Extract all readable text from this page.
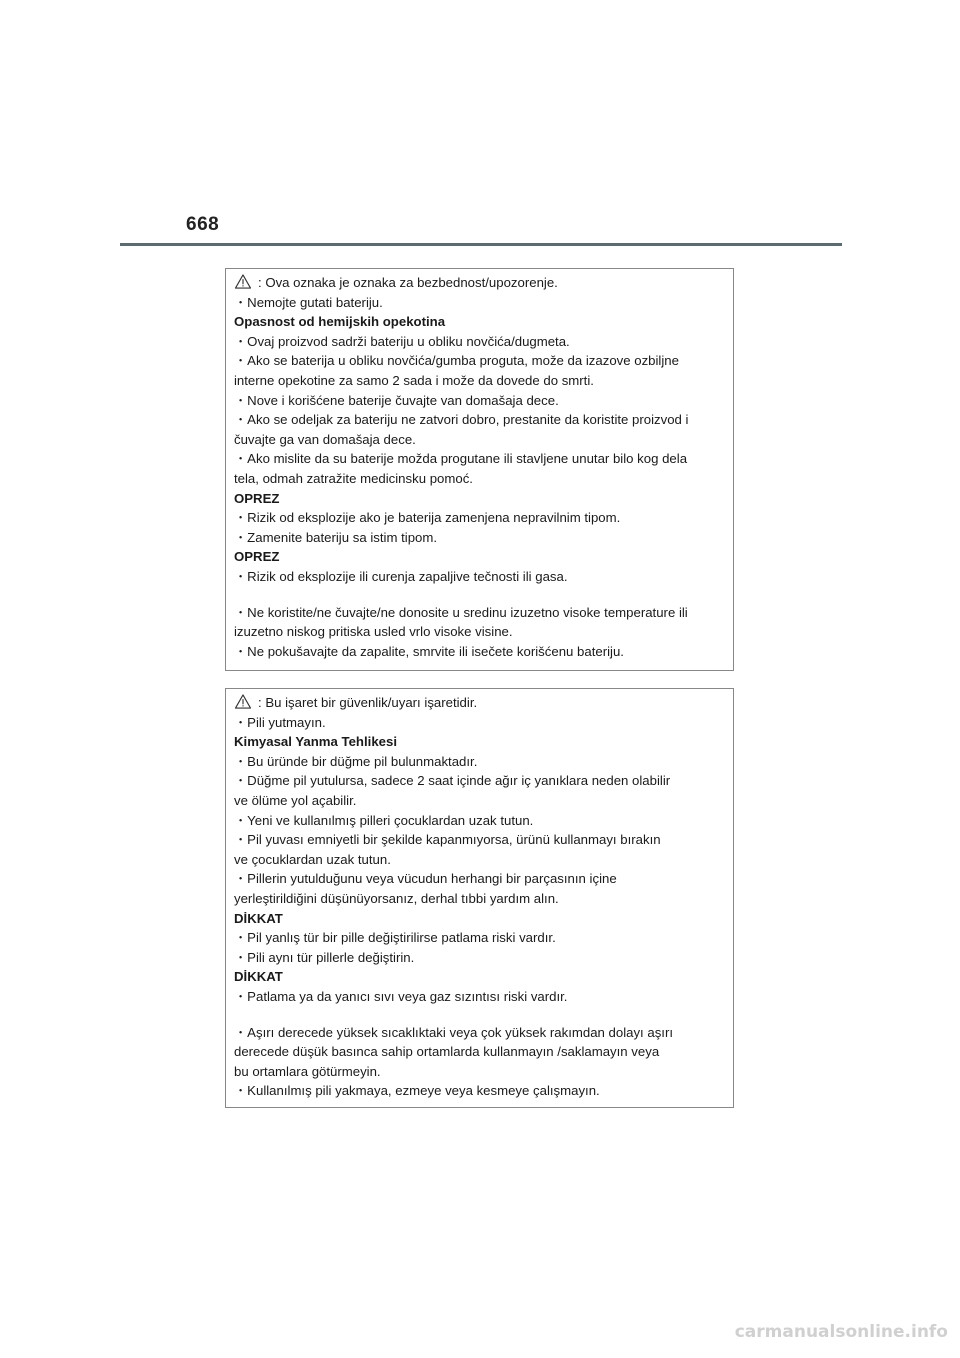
668
: Ova oznaka je oznaka za bezbednost/upozorenje.
・Nemojte gutati bateriju.
Opasnost od hemijskih opekotina
・Ovaj proizvod sadrži bateriju u obliku novčića/dugmeta.
・Ako se baterija u obliku novčića/gumba proguta, može da izazove ozbiljne
interne opekotine za samo 2 sada i može da dovede do smrti.
・Nove i korišćene baterije čuvajte van domašaja dece.
・Ako se odeljak za bateriju ne zatvori dobro, prestanite da koristite proizvod i
čuvajte ga van domašaja dece.
・Ako mislite da su baterije možda progutane ili stavljene unutar bilo kog dela
tela, odmah zatražite medicinsku pomoć.
OPREZ
・Rizik od eksplozije ako je baterija zamenjena nepravilnim tipom.
・Zamenite bateriju sa istim tipom.
OPREZ
・Rizik od eksplozije ili curenja zapaljive tečnosti ili gasa.
・Ne koristite/ne čuvajte/ne donosite u sredinu izuzetno visoke temperature ili
izuzetno niskog pritiska usled vrlo visoke visine.
・Ne pokušavajte da zapalite, smrvite ili isečete korišćenu bateriju.
: Bu işaret bir güvenlik/uyarı işaretidir.
・Pili yutmayın.
Kimyasal Yanma Tehlikesi
・Bu üründe bir düğme pil bulunmaktadır.
・Düğme pil yutulursa, sadece 2 saat içinde ağır iç yanıklara neden olabilir
ve ölüme yol açabilir.
・Yeni ve kullanılmış pilleri çocuklardan uzak tutun.
・Pil yuvası emniyetli bir şekilde kapanmıyorsa, ürünü kullanmayı bırakın
ve çocuklardan uzak tutun.
・Pillerin yutulduğunu veya vücudun herhangi bir parçasının içine
yerleştirildiğini düşünüyorsanız, derhal tıbbi yardım alın.
DİKKAT
・Pil yanlış tür bir pille değiştirilirse patlama riski vardır.
・Pili aynı tür pillerle değiştirin.
DİKKAT
・Patlama ya da yanıcı sıvı veya gaz sızıntısı riski vardır.
・Aşırı derecede yüksek sıcaklıktaki veya çok yüksek rakımdan dolayı aşırı
derecede düşük basınca sahip ortamlarda kullanmayın /saklamayın veya
bu ortamlara götürmeyin.
・Kullanılmış pili yakmaya, ezmeye veya kesmeye çalışmayın.
carmanualsonline.info
